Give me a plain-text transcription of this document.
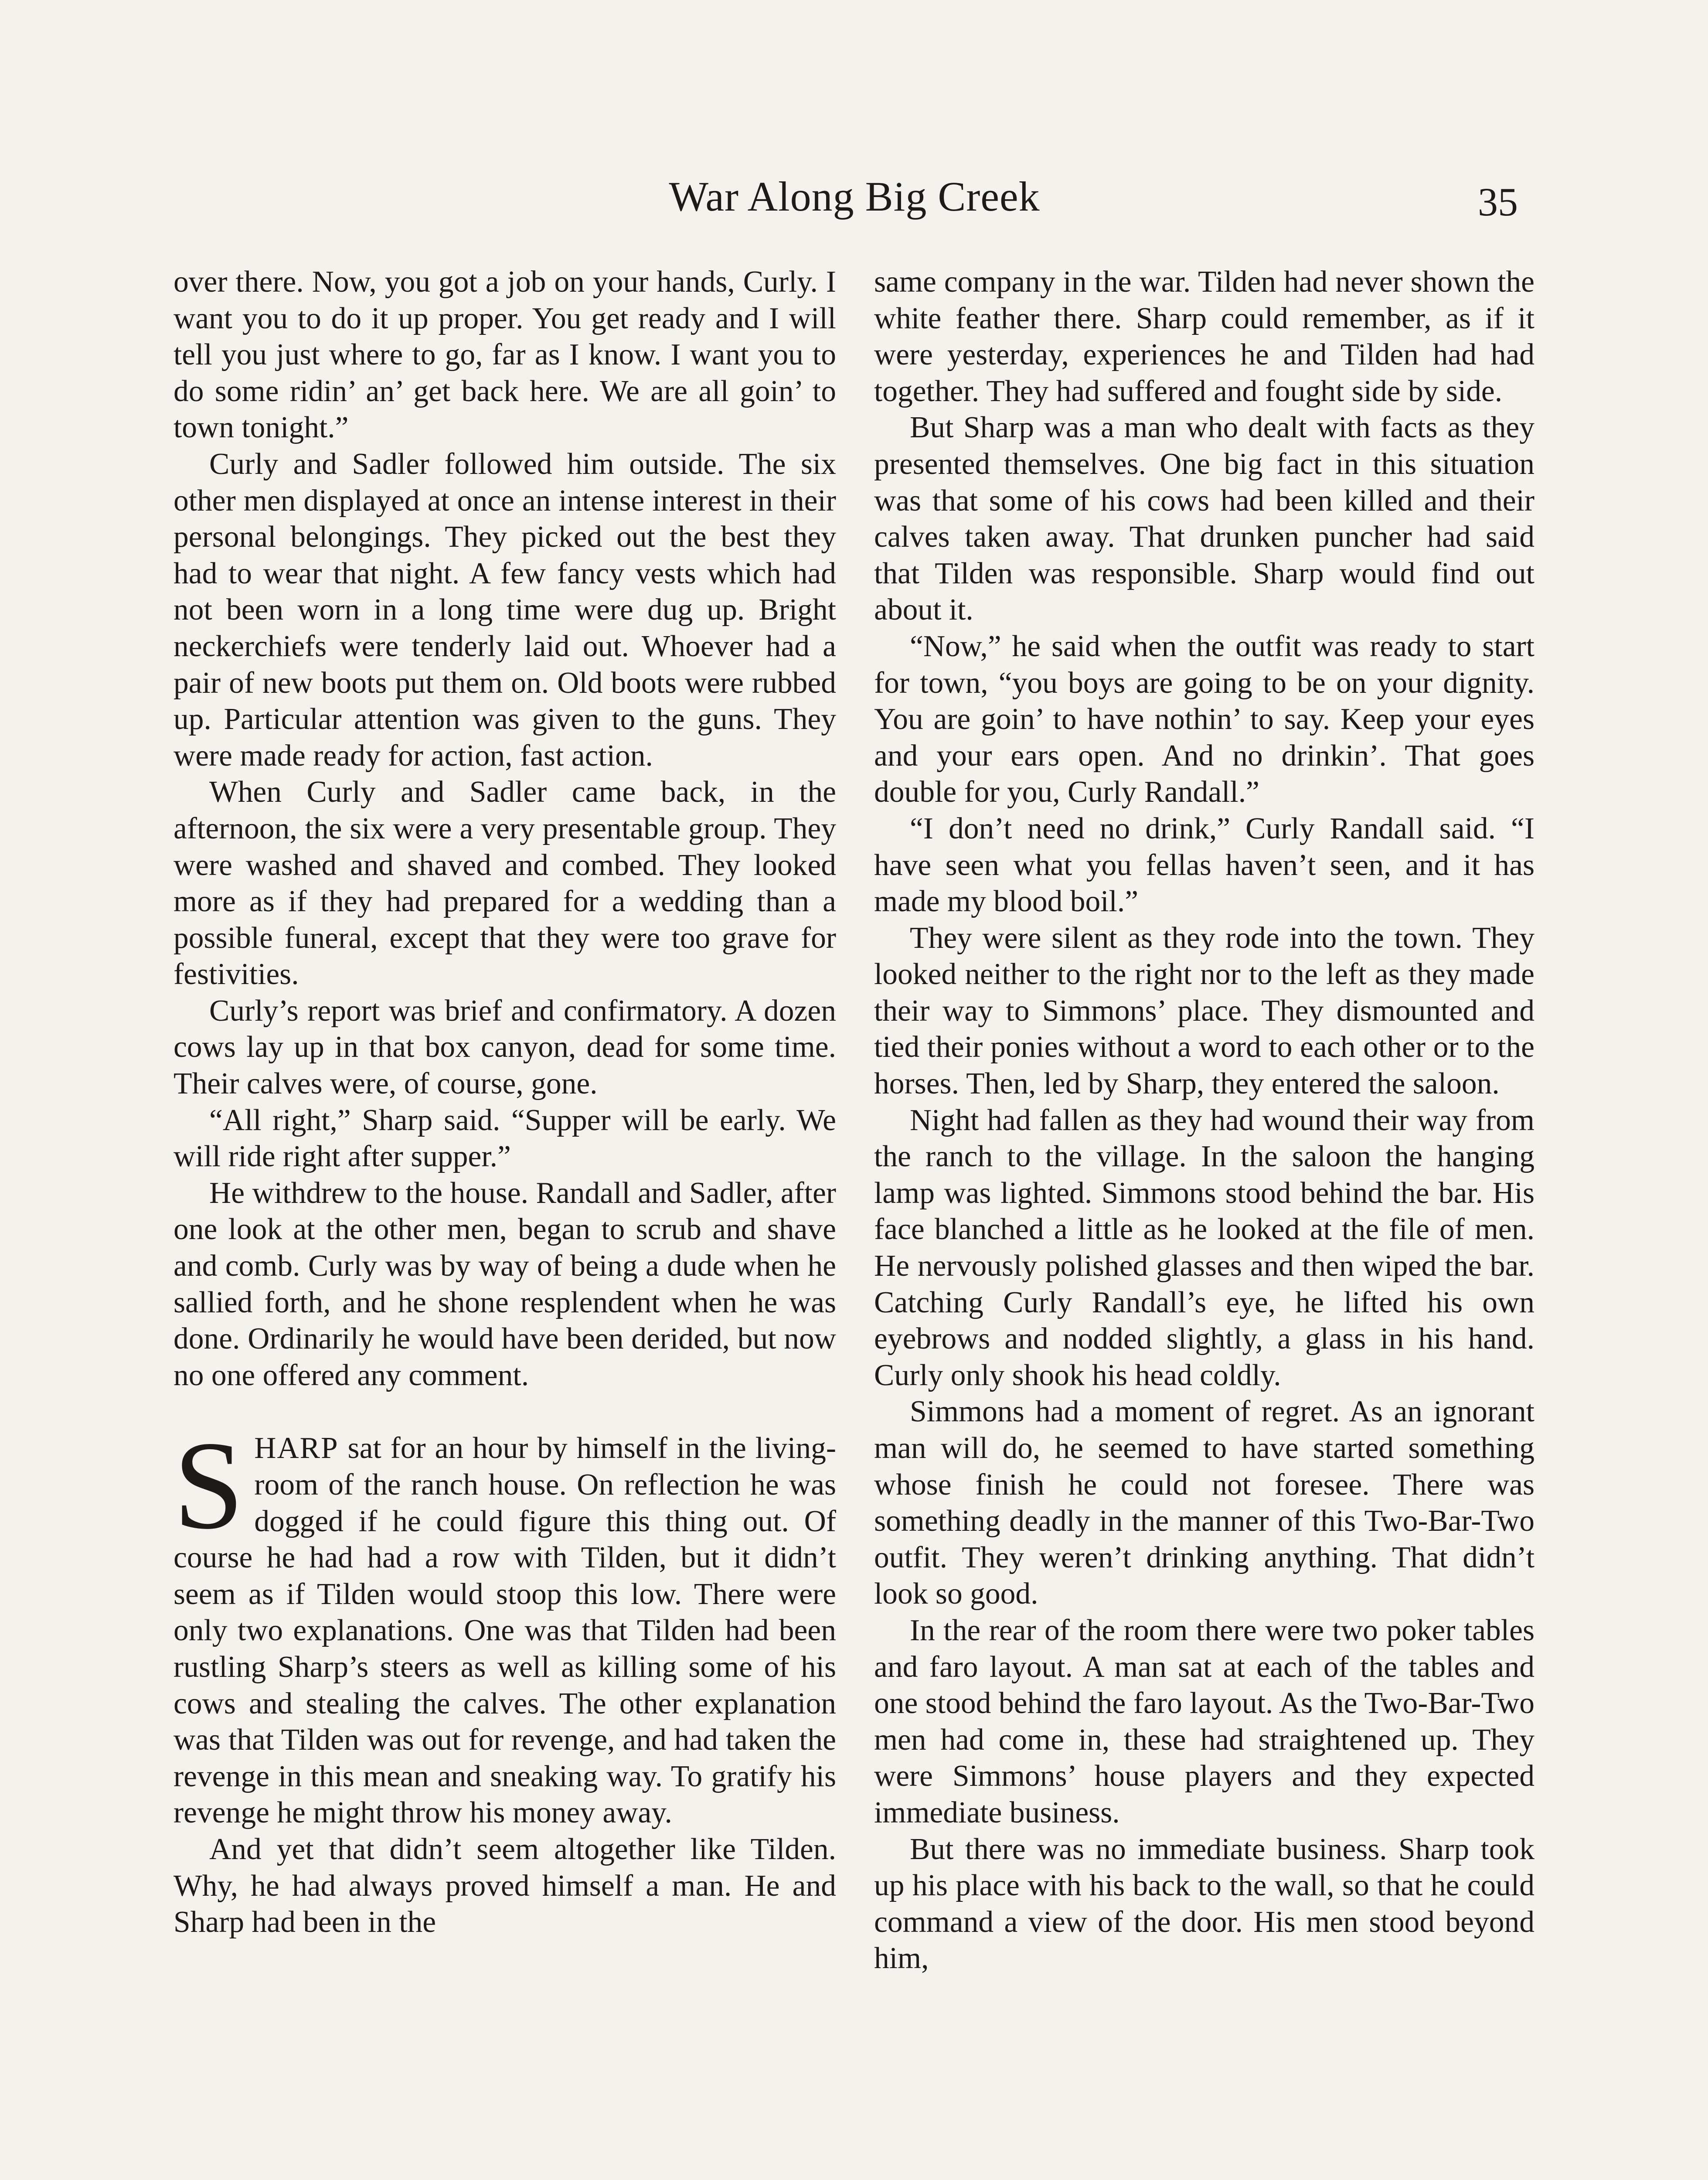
War Along Big Creek	35

over there. Now, you got a job on your hands, Curly. I want you to do it up proper. You get ready and I will tell you just where to go, far as I know. I want you to do some ridin’ an’ get back here. We are all goin’ to town tonight.”

Curly and Sadler followed him outside. The six other men displayed at once an intense interest in their personal belongings. They picked out the best they had to wear that night. A few fancy vests which had not been worn in a long time were dug up. Bright neckerchiefs were tenderly laid out. Whoever had a pair of new boots put them on. Old boots were rubbed up. Particular attention was given to the guns. They were made ready for action, fast action.

When Curly and Sadler came back, in the afternoon, the six were a very presentable group. They were washed and shaved and combed. They looked more as if they had prepared for a wedding than a possible funeral, except that they were too grave for festivities.

Curly’s report was brief and confirmatory. A dozen cows lay up in that box canyon, dead for some time. Their calves were, of course, gone.

“All right,” Sharp said. “Supper will be early. We will ride right after supper.”

He withdrew to the house. Randall and Sadler, after one look at the other men, began to scrub and shave and comb. Curly was by way of being a dude when he sallied forth, and he shone resplendent when he was done. Ordinarily he would have been derided, but now no one offered any comment.

SHARP sat for an hour by himself in the living-room of the ranch house. On reflection he was dogged if he could figure this thing out. Of course he had had a row with Tilden, but it didn’t seem as if Tilden would stoop this low. There were only two explanations. One was that Tilden had been rustling Sharp’s steers as well as killing some of his cows and stealing the calves. The other explanation was that Tilden was out for revenge, and had taken the revenge in this mean and sneaking way. To gratify his revenge he might throw his money away.

And yet that didn’t seem altogether like Tilden. Why, he had always proved himself a man. He and Sharp had been in the

same company in the war. Tilden had never shown the white feather there. Sharp could remember, as if it were yesterday, experiences he and Tilden had had together. They had suffered and fought side by side.

But Sharp was a man who dealt with facts as they presented themselves. One big fact in this situation was that some of his cows had been killed and their calves taken away. That drunken puncher had said that Tilden was responsible. Sharp would find out about it.

“Now,” he said when the outfit was ready to start for town, “you boys are going to be on your dignity. You are goin’ to have nothin’ to say. Keep your eyes and your ears open. And no drinkin’. That goes double for you, Curly Randall.”

“I don’t need no drink,” Curly Randall said. “I have seen what you fellas haven’t seen, and it has made my blood boil.”

They were silent as they rode into the town. They looked neither to the right nor to the left as they made their way to Simmons’ place. They dismounted and tied their ponies without a word to each other or to the horses. Then, led by Sharp, they entered the saloon.

Night had fallen as they had wound their way from the ranch to the village. In the saloon the hanging lamp was lighted. Simmons stood behind the bar. His face blanched a little as he looked at the file of men. He nervously polished glasses and then wiped the bar. Catching Curly Randall’s eye, he lifted his own eyebrows and nodded slightly, a glass in his hand. Curly only shook his head coldly.

Simmons had a moment of regret. As an ignorant man will do, he seemed to have started something whose finish he could not foresee. There was something deadly in the manner of this Two-Bar-Two outfit. They weren’t drinking anything. That didn’t look so good.

In the rear of the room there were two poker tables and faro layout. A man sat at each of the tables and one stood behind the faro layout. As the Two-Bar-Two men had come in, these had straightened up. They were Simmons’ house players and they expected immediate business.

But there was no immediate business. Sharp took up his place with his back to the wall, so that he could command a view of the door. His men stood beyond him,
